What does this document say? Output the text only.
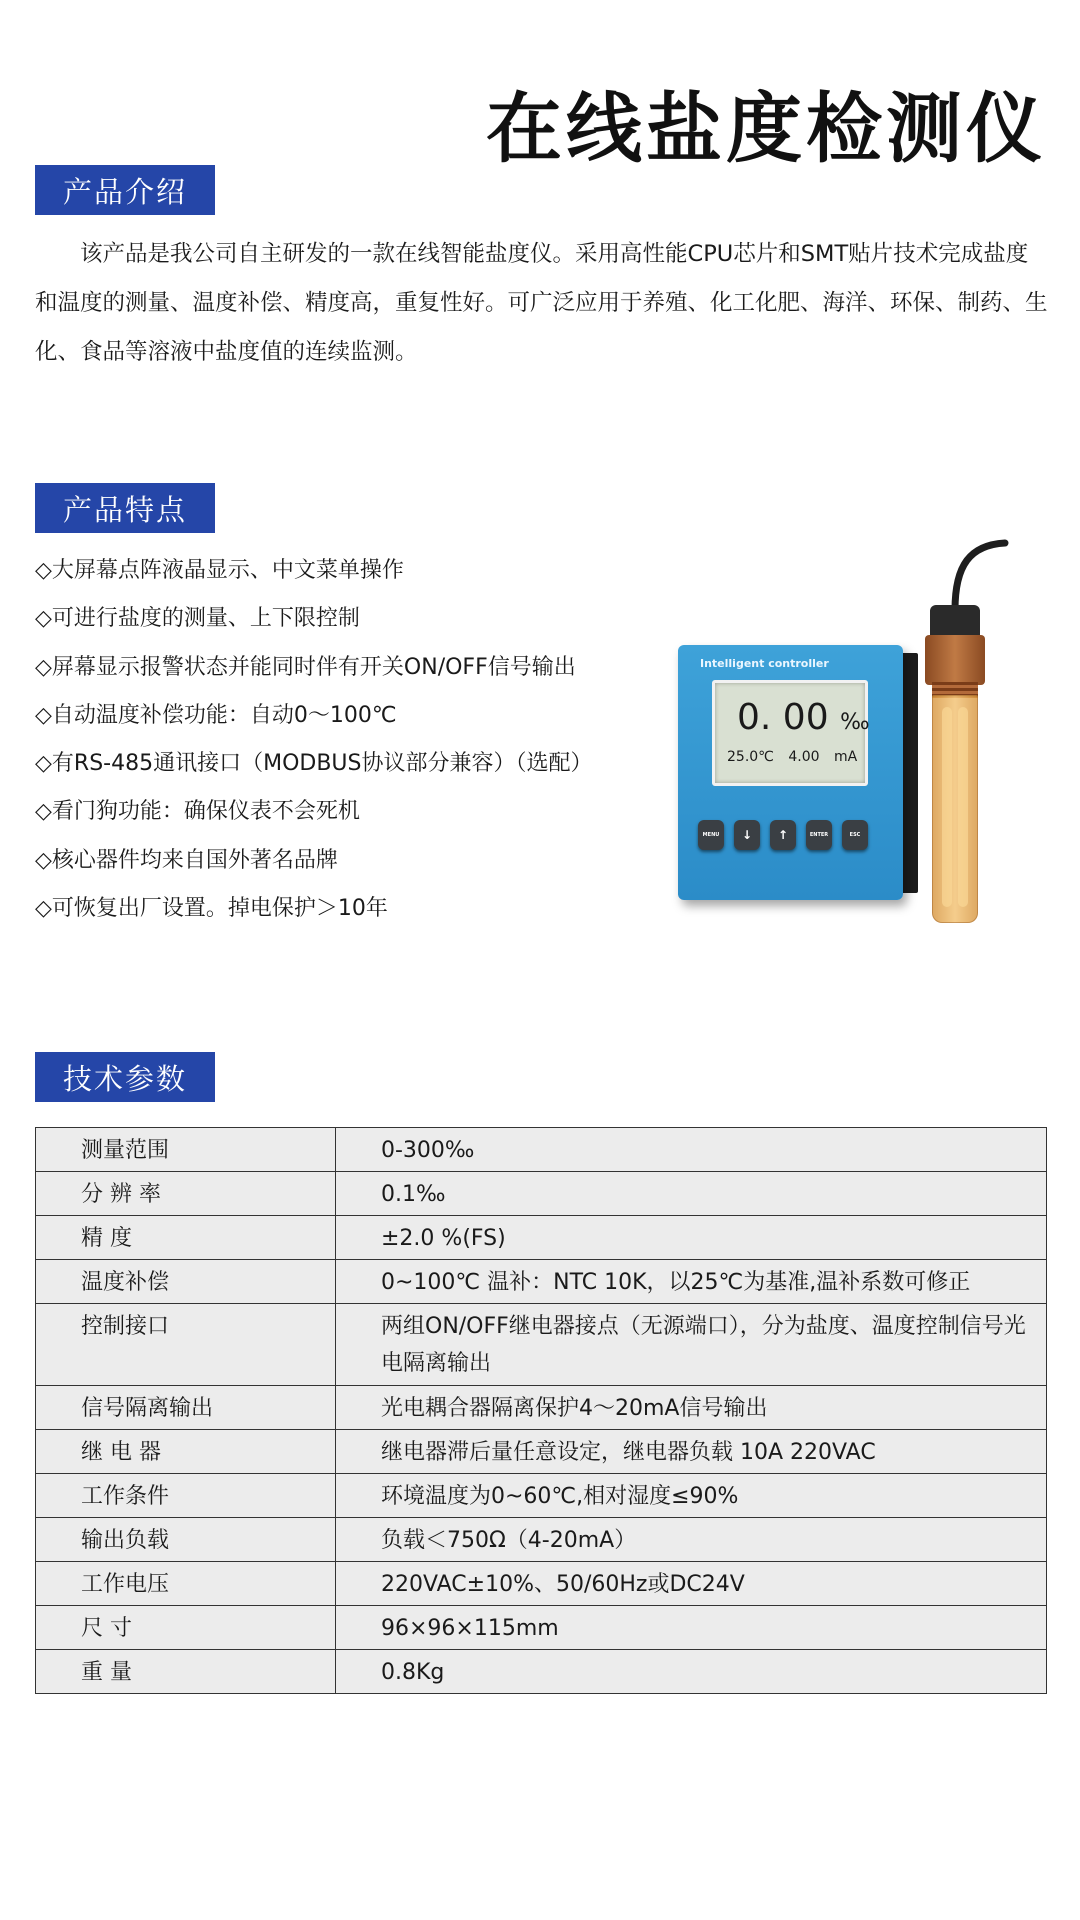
在线盐度检测仪
产品介绍

该产品是我公司自主研发的一款在线智能盐度仪。采用高性能CPU芯片和SMT贴片技术完成盐度和温度的测量、温度补偿、精度高，重复性好。可广泛应用于养殖、化工化肥、海洋、环保、制药、生化、食品等溶液中盐度值的连续监测。

产品特点
◇大屏幕点阵液晶显示、中文菜单操作
◇可进行盐度的测量、上下限控制
◇屏幕显示报警状态并能同时伴有开关ON/OFF信号输出
◇自动温度补偿功能：自动0～100℃
◇有RS-485通讯接口（MODBUS协议部分兼容）（选配）
◇看门狗功能：确保仪表不会死机
◇核心器件均来自国外著名品牌
◇可恢复出厂设置。掉电保护＞10年
Intelligent controller
0. 00 ‰
25.0℃ 4.00 mA
MENU	↓	↑	ENTER	ESC
技术参数
测量范围	0-300‰
分 辨 率	0.1‰
精 度	±2.0 %(FS)
温度补偿	0~100℃ 温补：NTC 10K，以25℃为基准,温补系数可修正
控制接口	两组ON/OFF继电器接点（无源端口），分为盐度、温度控制信号光电隔离输出
信号隔离输出	光电耦合器隔离保护4～20mA信号输出
继 电 器	继电器滞后量任意设定，继电器负载 10A 220VAC
工作条件	环境温度为0~60℃,相对湿度≤90%
输出负载	负载＜750Ω（4-20mA）
工作电压	220VAC±10%、50/60Hz或DC24V
尺 寸	96×96×115mm
重 量	0.8Kg
